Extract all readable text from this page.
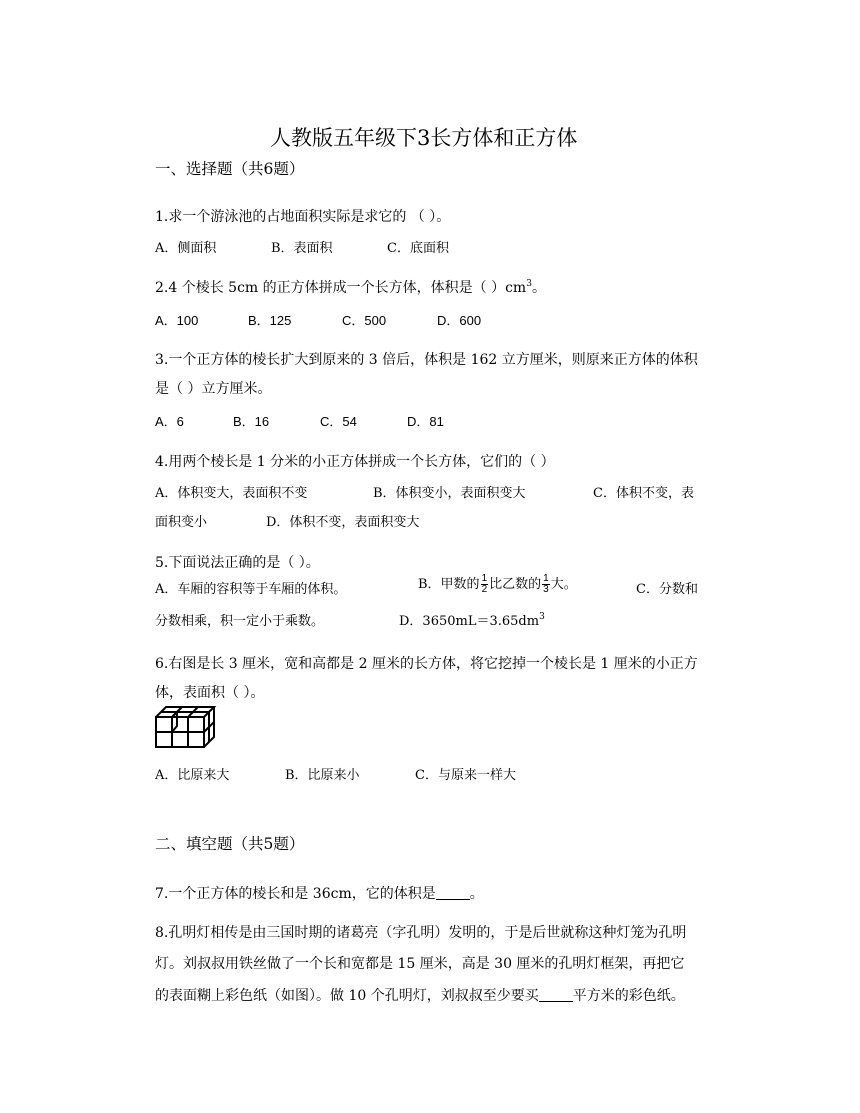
人教版五年级下3长方体和正方体
一、选择题（共6题）
1.求一个游泳池的占地面积实际是求它的 （ ）。
A．侧面积	B．表面积	C．底面积
2.4 个棱长 5cm 的正方体拼成一个长方体，体积是（ ）$cm^3$。
A．100	B．125	C．500	D．600
3.一个正方体的棱长扩大到原来的 3 倍后，体积是 162 立方厘米，则原来正方体的体积
是（ ）立方厘米。
A．6	B．16	C．54	D．81
4.用两个棱长是 1 分米的小正方体拼成一个长方体，它们的（ ）
A．体积变大，表面积不变	B．体积变小，表面积变大	C．体积不变，表
面积变小	D．体积不变，表面积变大
5.下面说法正确的是（ ）。
A．车厢的容积等于车厢的体积。	B．甲数的 $\frac{1}{2}$ 比乙数的 $\frac{1}{3}$ 大。	C．分数和
分数相乘，积一定小于乘数。	D．$3650mL=3.65dm^3$
6.右图是长 3 厘米，宽和高都是 2 厘米的长方体，将它挖掉一个棱长是 1 厘米的小正方
体，表面积（ ）。
A．比原来大	B．比原来小	C．与原来一样大
二、填空题（共5题）
7.一个正方体的棱长和是 36cm，它的体积是 。
8.孔明灯相传是由三国时期的诸葛亮（字孔明）发明的，于是后世就称这种灯笼为孔明
灯。刘叔叔用铁丝做了一个长和宽都是 15 厘米，高是 30 厘米的孔明灯框架，再把它
的表面糊上彩色纸（如图）。做 10 个孔明灯，刘叔叔至少要买 平方米的彩色纸。
